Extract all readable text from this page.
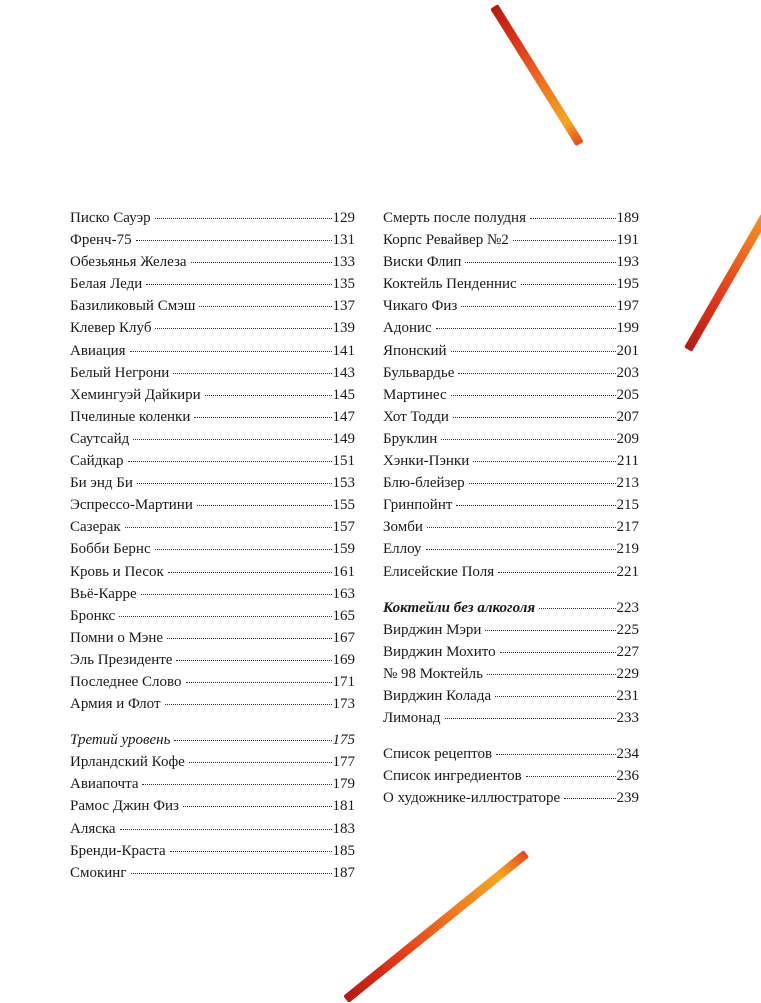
Писко Сауэр	129
Френч-75	131
Обезьянья Железа	133
Белая Леди	135
Базиликовый Смэш	137
Клевер Клуб	139
Авиация	141
Белый Негрони	143
Хемингуэй Дайкири	145
Пчелиные коленки	147
Саутсайд	149
Сайдкар	151
Би энд Би	153
Эспрессо-Мартини	155
Сазерак	157
Бобби Бернс	159
Кровь и Песок	161
Вьё-Карре	163
Бронкс	165
Помни о Мэне	167
Эль Президенте	169
Последнее Слово	171
Армия и Флот	173
Третий уровень	175
Ирландский Кофе	177
Авиапочта	179
Рамос Джин Физ	181
Аляска	183
Бренди-Краста	185
Смокинг	187
Смерть после полудня	189
Корпс Ревайвер №2	191
Виски Флип	193
Коктейль Пенденнис	195
Чикаго Физ	197
Адонис	199
Японский	201
Бульвардье	203
Мартинес	205
Хот Тодди	207
Бруклин	209
Хэнки-Пэнки	211
Блю-блейзер	213
Гринпойнт	215
Зомби	217
Еллоу	219
Елисейские Поля	221
Коктейли без алкоголя	223
Вирджин Мэри	225
Вирджин Мохито	227
№ 98 Моктейль	229
Вирджин Колада	231
Лимонад	233
Список рецептов	234
Список ингредиентов	236
О художнике-иллюстраторе	239
